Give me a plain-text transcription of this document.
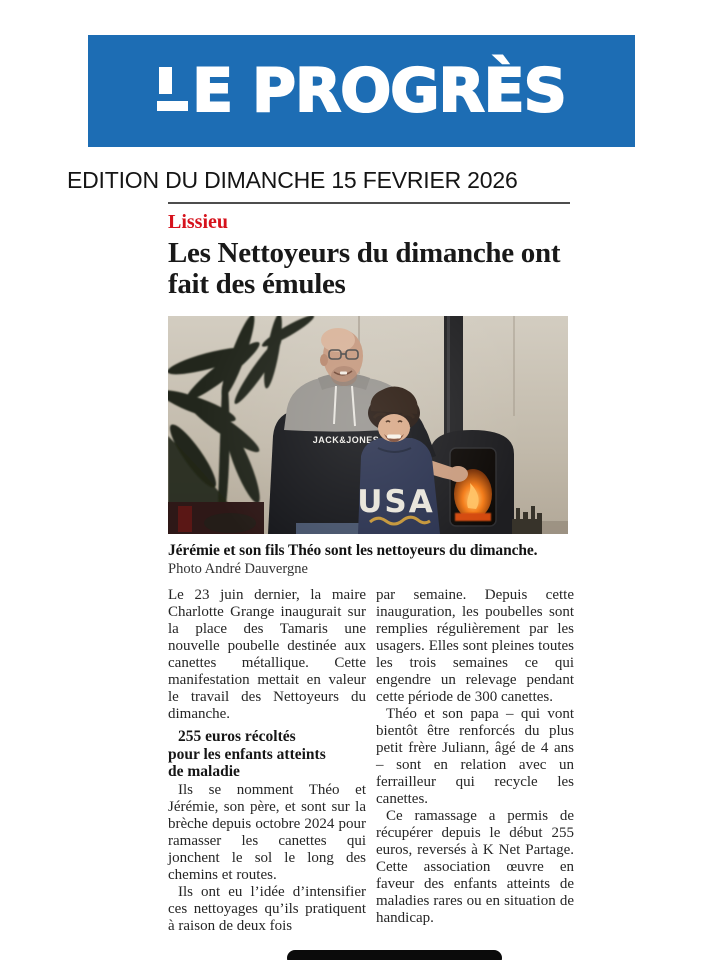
E PROGRÈS
EDITION DU DIMANCHE 15 FEVRIER 2026
Lissieu
Les Nettoyeurs du dimanche ont fait des émules
Jérémie et son fils Théo sont les nettoyeurs du dimanche.
Photo André Dauvergne

Le 23 juin dernier, la maire Charlotte Grange inaugurait sur la place des Tamaris une nouvelle poubelle destinée aux canettes métallique. Cette manifestation mettait en valeur le travail des Nettoyeurs du dimanche.

255 euros récoltés
pour les enfants atteints
de maladie

Ils se nomment Théo et Jérémie, son père, et sont sur la brèche depuis octobre 2024 pour ramasser les canettes qui jonchent le sol le long des chemins et routes.

Ils ont eu l’idée d’intensifier ces nettoyages qu’ils pratiquent à raison de deux fois

par semaine. Depuis cette inauguration, les poubelles sont remplies régulièrement par les usagers. Elles sont pleines toutes les trois semaines ce qui engendre un relevage pendant cette période de 300 canettes.

Théo et son papa – qui vont bientôt être renforcés du plus petit frère Juliann, âgé de 4 ans – sont en relation avec un ferrailleur qui recycle les canettes.

Ce ramassage a permis de récupérer depuis le début 255 euros, reversés à K Net Partage. Cette association œuvre en faveur des enfants atteints de maladies rares ou en situation de handicap.
